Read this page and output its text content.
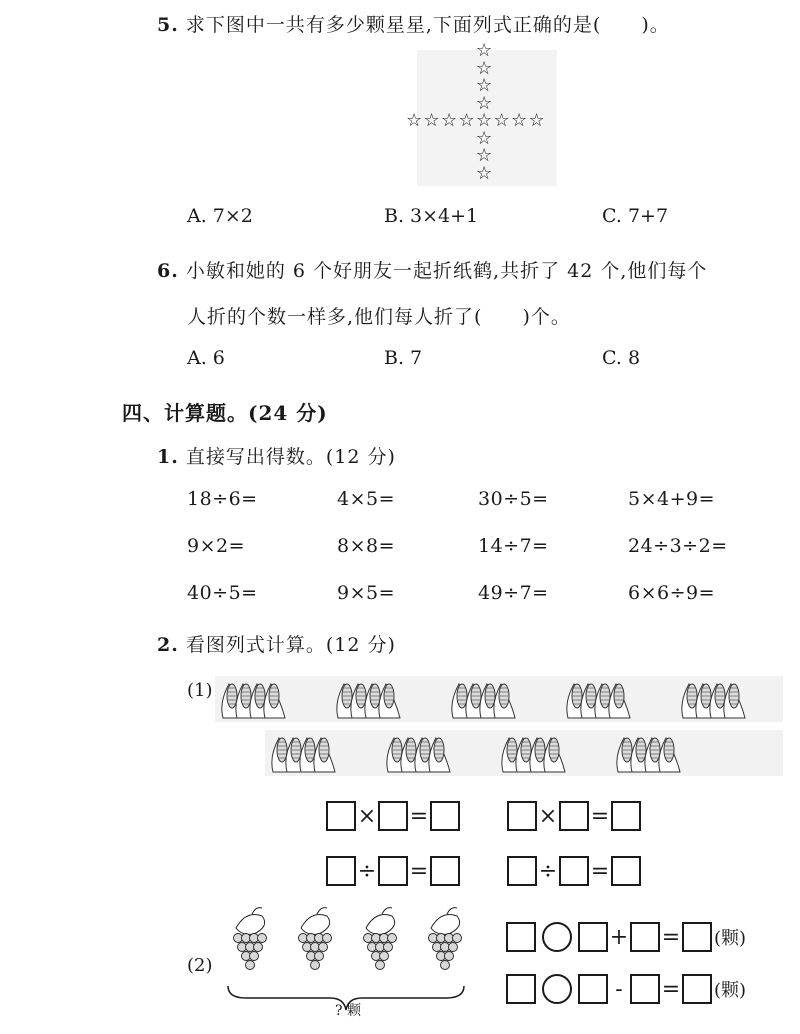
5. 求下图中一共有多少颗星星,下面列式正确的是(　　)。
☆
☆
☆
☆
☆
☆
☆
☆
☆ ☆ ☆ ☆ ☆ ☆ ☆
A. 7×2	B. 3×4+1	C. 7+7
6. 小敏和她的 6 个好朋友一起折纸鹤,共折了 42 个,他们每个
人折的个数一样多,他们每人折了(　　)个。
A. 6	B. 7	C. 8
四、计算题。(24 分)
1. 直接写出得数。(12 分)
18÷6=	4×5=	30÷5=	5×4+9=
9×2=	8×8=	14÷7=	24÷3÷2=
40÷5=	9×5=	49÷7=	6×6÷9=
2. 看图列式计算。(12 分)
(1)
× =	× =
÷ =	÷ =
(2)
? 颗
+ = (颗)
-	= (颗)
